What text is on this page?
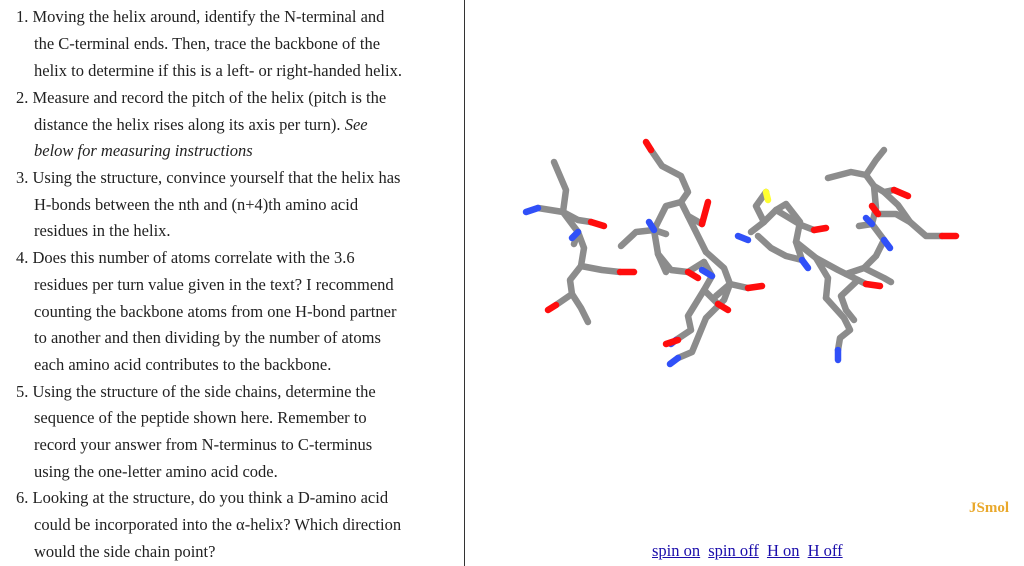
1. Moving the helix around, identify the N-terminal and
the C-terminal ends. Then, trace the backbone of the
helix to determine if this is a left- or right-handed helix.
2. Measure and record the pitch of the helix (pitch is the
distance the helix rises along its axis per turn). See
below for measuring instructions
3. Using the structure, convince yourself that the helix has
H-bonds between the nth and (n+4)th amino acid
residues in the helix.
4. Does this number of atoms correlate with the 3.6
residues per turn value given in the text? I recommend
counting the backbone atoms from one H-bond partner
to another and then dividing by the number of atoms
each amino acid contributes to the backbone.
5. Using the structure of the side chains, determine the
sequence of the peptide shown here. Remember to
record your answer from N-terminus to C-terminus
using the one-letter amino acid code.
6. Looking at the structure, do you think a D-amino acid
could be incorporated into the α-helix? Which direction
would the side chain point?
JSmol
spin on spin off H on H off
